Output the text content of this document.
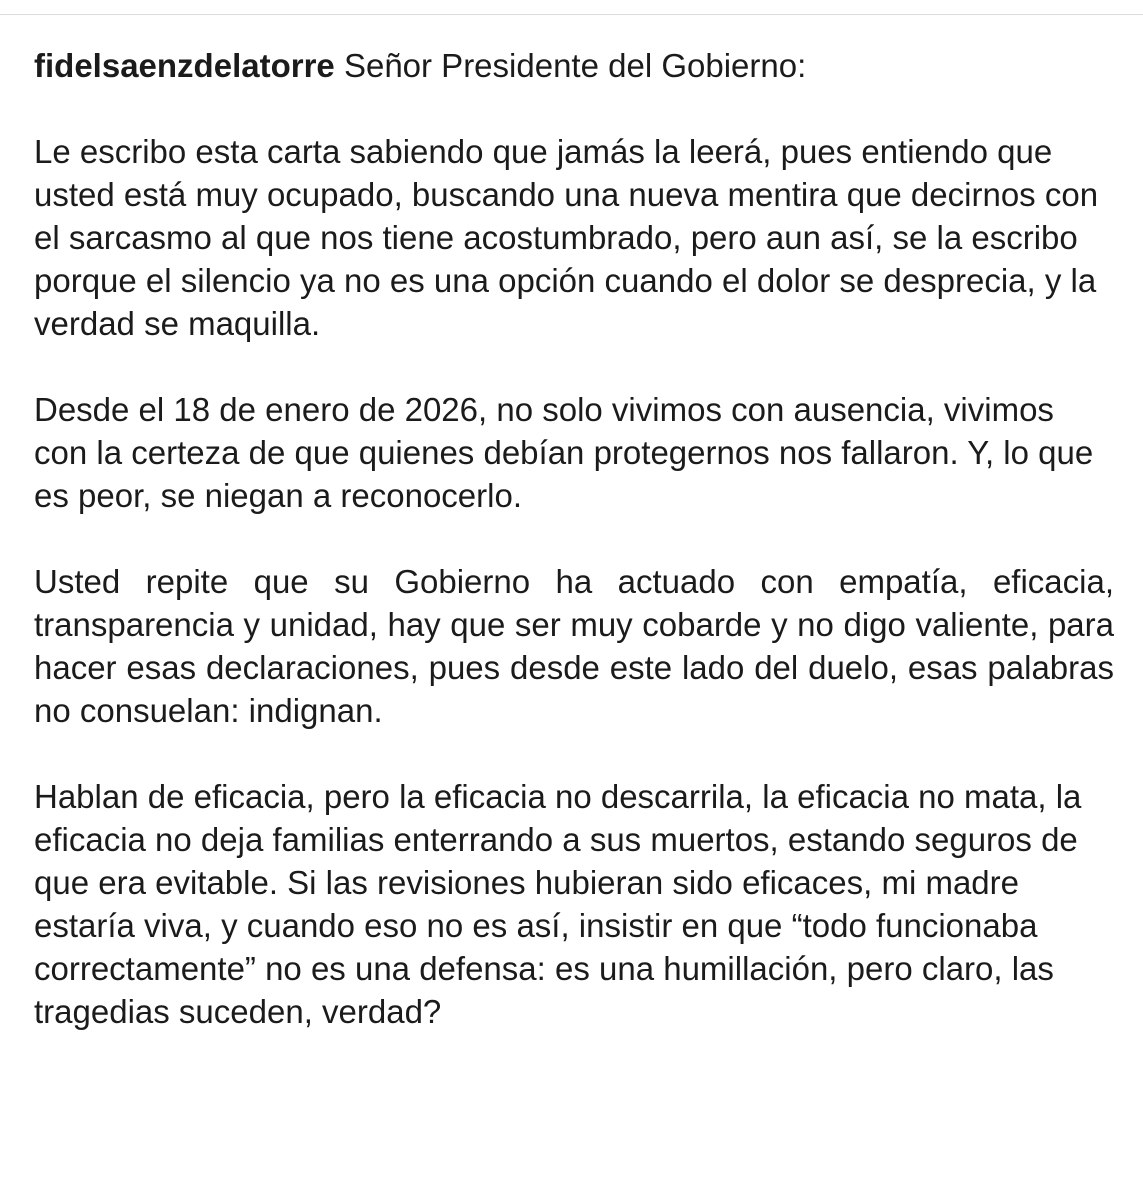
fidelsaenzdelatorre Señor Presidente del Gobierno:
Le escribo esta carta sabiendo que jamás la leerá, pues entiendo que usted está muy ocupado, buscando una nueva mentira que decirnos con el sarcasmo al que nos tiene acostumbrado, pero aun así, se la escribo porque el silencio ya no es una opción cuando el dolor se desprecia, y la verdad se maquilla.
Desde el 18 de enero de 2026, no solo vivimos con ausencia, vivimos con la certeza de que quienes debían protegernos nos fallaron. Y, lo que es peor, se niegan a reconocerlo.
Usted repite que su Gobierno ha actuado con empatía, eficacia, transparencia y unidad, hay que ser muy cobarde y no digo valiente, para hacer esas declaraciones, pues desde este lado del duelo, esas palabras no consuelan: indignan.
Hablan de eficacia, pero la eficacia no descarrila, la eficacia no mata, la eficacia no deja familias enterrando a sus muertos, estando seguros de que era evitable. Si las revisiones hubieran sido eficaces, mi madre estaría viva, y cuando eso no es así, insistir en que “todo funcionaba correctamente” no es una defensa: es una humillación, pero claro, las tragedias suceden, verdad?
